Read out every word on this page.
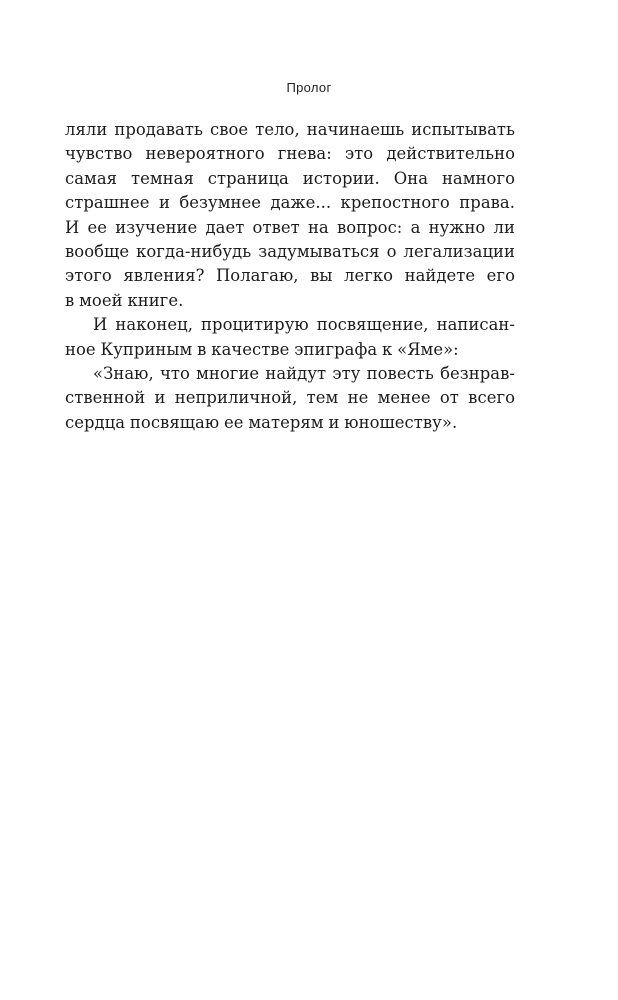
Пролог
ляли продавать свое тело, начинаешь испытывать
чувство невероятного гнева: это действительно
самая темная страница истории. Она намного
страшнее и безумнее даже... крепостного права.
И ее изучение дает ответ на вопрос: а нужно ли
вообще когда-нибудь задумываться о легализации
этого явления? Полагаю, вы легко найдете его
в моей книге.
И наконец, процитирую посвящение, написан-
ное Куприным в качестве эпиграфа к «Яме»:
«Знаю, что многие найдут эту повесть безнрав-
ственной и неприличной, тем не менее от всего
сердца посвящаю ее матерям и юношеству».
